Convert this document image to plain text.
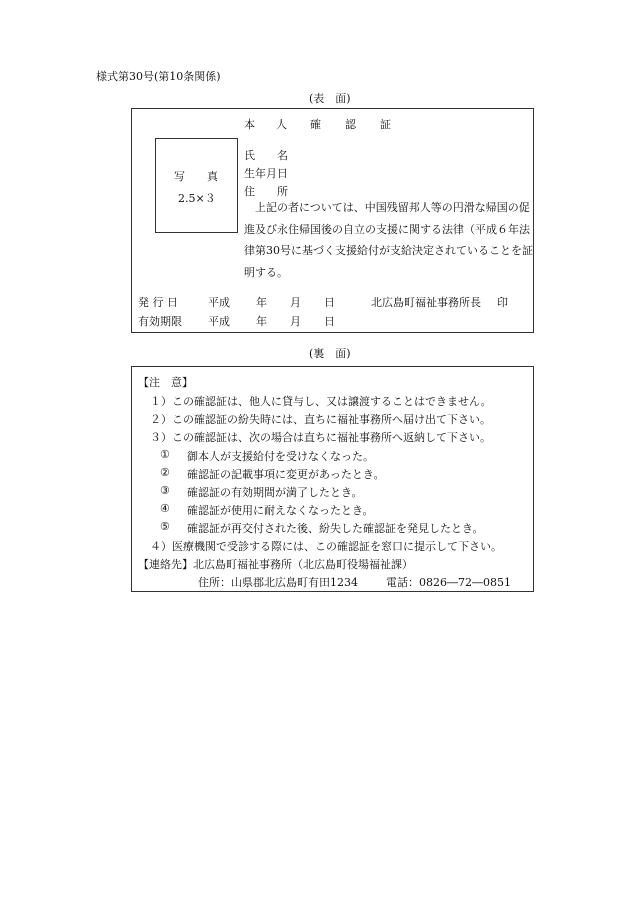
様式第30号(第10条関係)
(表　面)
本 人 確 認 証
写　　真
2.5×３
氏　　名
生年月日
住　　所
　上記の者については、中国残留邦人等の円滑な帰国の促進及び永住帰国後の自立の支援に関する法律（平成６年法律第30号に基づく支援給付が支給決定されていることを証明する。
発 行 日	平成 年 月 日	北広島町福祉事務所長 印
有効期限 平成 年 月 日
(裏　面)
【注　意】
１）この確認証は、他人に貸与し、又は譲渡することはできません。
２）この確認証の紛失時には、直ちに福祉事務所へ届け出て下さい。
３）この確認証は、次の場合は直ちに福祉事務所へ返納して下さい。
① 御本人が支援給付を受けなくなった。
② 確認証の記載事項に変更があったとき。
③ 確認証の有効期間が満了したとき。
④ 確認証が使用に耐えなくなったとき。
⑤ 確認証が再交付された後、紛失した確認証を発見したとき。
４）医療機関で受診する際には、この確認証を窓口に提示して下さい。
【連絡先】北広島町福祉事務所（北広島町役場福祉課）
住所：山県郡北広島町有田1234	電話：0826―72―0851
